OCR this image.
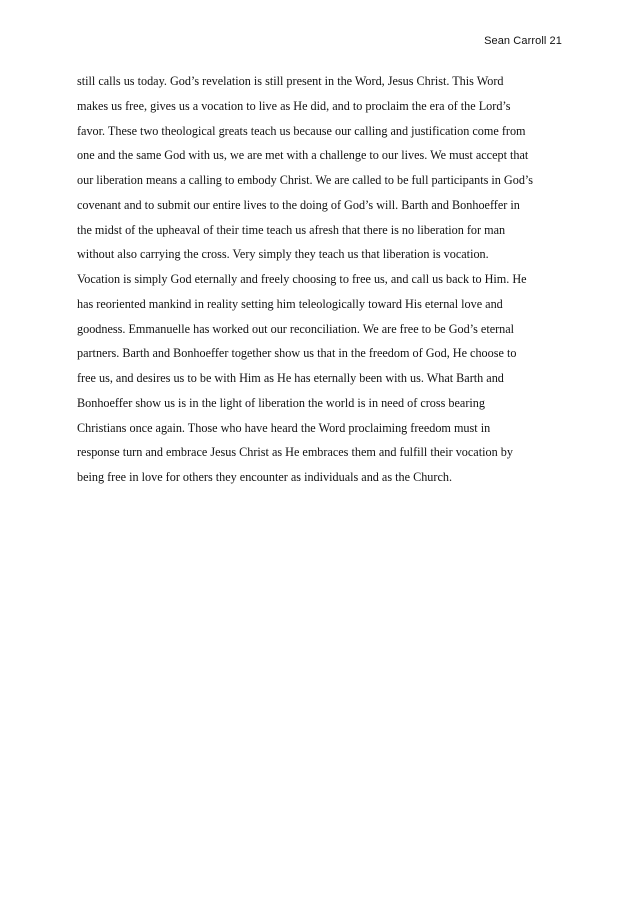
Sean Carroll 21
still calls us today. God’s revelation is still present in the Word, Jesus Christ. This Word
makes us free, gives us a vocation to live as He did, and to proclaim the era of the Lord’s
favor. These two theological greats teach us because our calling and justification come from
one and the same God with us, we are met with a challenge to our lives. We must accept that
our liberation means a calling to embody Christ. We are called to be full participants in God’s
covenant and to submit our entire lives to the doing of God’s will. Barth and Bonhoeffer in
the midst of the upheaval of their time teach us afresh that there is no liberation for man
without also carrying the cross. Very simply they teach us that liberation is vocation.
Vocation is simply God eternally and freely choosing to free us, and call us back to Him. He
has reoriented mankind in reality setting him teleologically toward His eternal love and
goodness. Emmanuelle has worked out our reconciliation. We are free to be God’s eternal
partners. Barth and Bonhoeffer together show us that in the freedom of God, He choose to
free us, and desires us to be with Him as He has eternally been with us. What Barth and
Bonhoeffer show us is in the light of liberation the world is in need of cross bearing
Christians once again. Those who have heard the Word proclaiming freedom must in
response turn and embrace Jesus Christ as He embraces them and fulfill their vocation by
being free in love for others they encounter as individuals and as the Church.
